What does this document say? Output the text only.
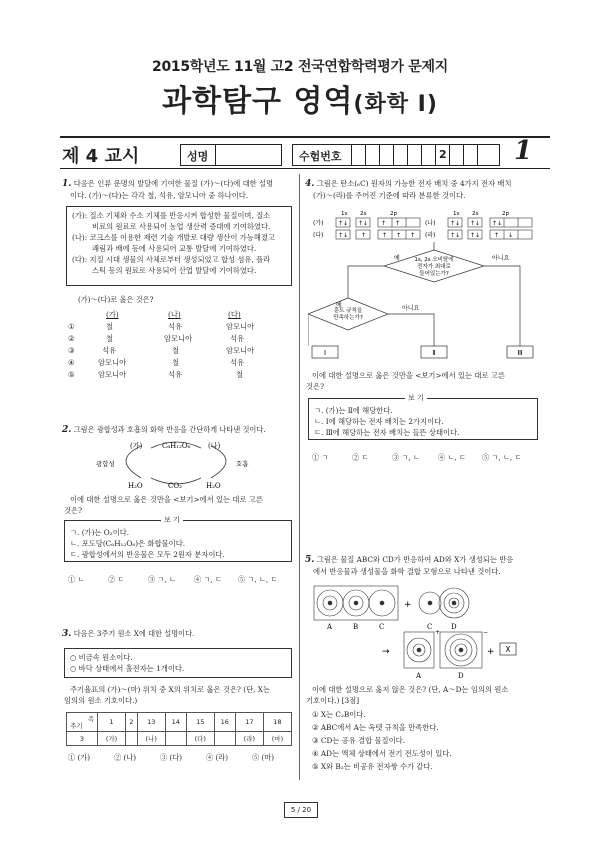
2015학년도 11월 고2 전국연합학력평가 문제지
과학탐구 영역(화학 Ⅰ)
제 4 교시	성명	수험번호	2	1
1. 다음은 인류 문명의 발달에 기여한 물질 (가)～(다)에 대한 설명
이다. (가)～(다)는 각각 철, 석유, 암모니아 중 하나이다.
(가): 질소 기체와 수소 기체를 반응시켜 합성한 물질이며, 질소
비료의 원료로 사용되어 농업 생산력 증대에 기여하였다.
(나): 코크스를 이용한 제련 기술 개발로 대량 생산이 가능해졌고
쾌림과 배에 등에 사용되어 교통 발달에 기여하였다.
(다): 지질 시대 생물의 사체로부터 생성되었고 합성 섬유, 플라
스틱 등의 원료로 사용되어 산업 발달에 기여하였다.
(가)～(다)로 옳은 것은?
(가)	(나)	(다)
①	철	석유	암모니아
②	철	암모니아	석유
③	석유	철	암모니아
④	암모니아	철	석유
⑤	암모니아	석유	철
2. 그림은 광합성과 호흡의 화학 반응을 간단하게 나타낸 것이다.
(가)	C₆H₁₂O₆	(나)
광합성	호흡
H₂O	CO₂	H₂O
이에 대한 설명으로 옳은 것만을 <보기>에서 있는 대로 고른
것은?
보 기
ㄱ. (가)는 O₂이다.
ㄴ. 포도당(C₆H₁₂O₆)은 화합물이다.
ㄷ. 광합성에서의 반응물은 모두 2원자 분자이다.
① ㄴ	② ㄷ	③ ㄱ, ㄴ	④ ㄱ, ㄷ ⑤ ㄱ, ㄴ, ㄷ
3. 다음은 3주기 원소 X에 대한 설명이다.
○ 비금속 원소이다.
○ 바닥 상태에서 홀전자는 1개이다.
주기율표의 (가)～(마) 위치 중 X의 위치로 옳은 것은? (단, X는
임의의 원소 기호이다.)
족
주기	1	2	13	14	15	16	17	18
3	(가)		(나)		(다)		(라)	(마)
① (가)	② (나)	③ (다)	④ (라)	⑤ (마)
4. 그림은 탄소(₆C) 원자의 가능한 전자 배치 중 4가지 전자 배치
(가)～(라)를 주어진 기준에 따라 분류한 것이다.
1s 2s	2p	1s 2s	2p
(가) ↑↓ ↑↓ ↑ ↑	(나) ↑↓ ↑↓ ↑↓
(다) ↑↓ ↑	↑ ↑ ↑ (라) ↑↓ ↑↓ ↑ ↓
1s, 2s 오비탈에
전자가 최대로
들어있는가?
예	아니요
훈트 규칙을
만족하는가?
예	아니요
Ⅰ	Ⅱ	Ⅲ
이에 대한 설명으로 옳은 것만을 <보기>에서 있는 대로 고른
것은?
보 기
ㄱ. (가)는 Ⅱ에 해당한다.
ㄴ. Ⅰ에 해당하는 전자 배치는 2가지이다.
ㄷ. Ⅲ에 해당하는 전자 배치는 들뜬 상태이다.
① ㄱ	② ㄷ	③ ㄱ, ㄴ	④ ㄴ, ㄷ ⑤ ㄱ, ㄴ, ㄷ
5. 그림은 물질 ABC와 CD가 반응하여 AD와 X가 생성되는 반응
에서 반응물과 생성물을 화학 결합 모형으로 나타낸 것이다.
+
→	+
+	−
X
A	B	C	C	D
A	D
이에 대한 설명으로 옳지 않은 것은? (단, A～D는 임의의 원소
기호이다.) [3점]
① X는 C₂B이다.
② ABC에서 A는 옥텟 규칙을 만족한다.
③ CD는 공유 결합 물질이다.
④ AD는 액체 상태에서 전기 전도성이 있다.
⑤ X와 B₂는 비공유 전자쌍 수가 같다.
5 / 20
